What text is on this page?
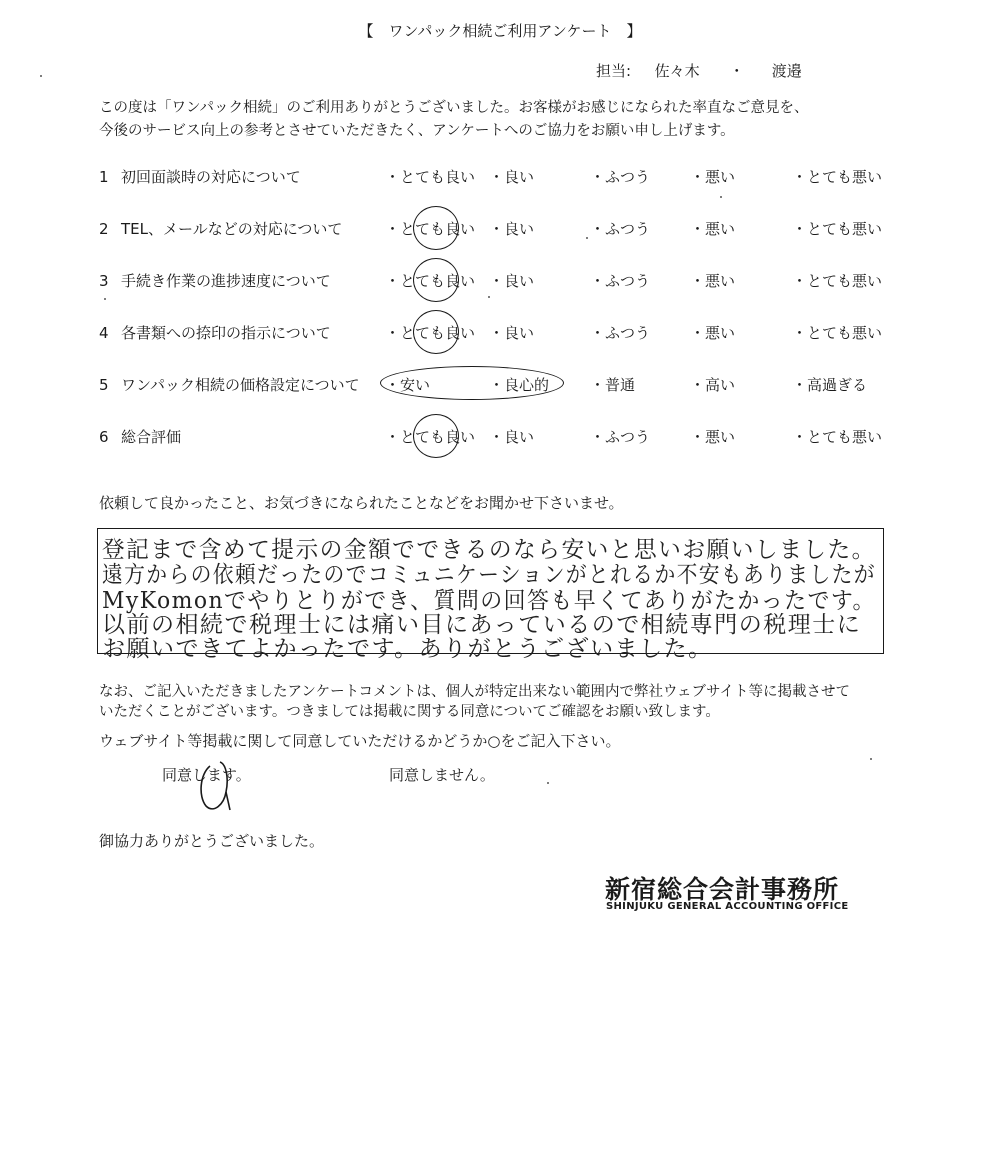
【　ワンパック相続ご利用アンケート　】
担当: 佐々木 ・ 渡邉
この度は「ワンパック相続」のご利用ありがとうございました。お客様がお感じになられた率直なご意見を、
今後のサービス向上の参考とさせていただきたく、アンケートへのご協力をお願い申し上げます。
1 初回面談時の対応について	・とても良い ・良い	・ふつう	・悪い	・とても悪い
2 TEL、メールなどの対応について	・とても良い ・良い	・ふつう	・悪い	・とても悪い
3 手続き作業の進捗速度について	・とても良い ・良い	・ふつう	・悪い	・とても悪い
4 各書類への捺印の指示について	・とても良い ・良い	・ふつう	・悪い	・とても悪い
5 ワンパック相続の価格設定について ・安い	・良心的	・普通	・高い	・高過ぎる
6 総合評価	・とても良い ・良い	・ふつう	・悪い	・とても悪い
依頼して良かったこと、お気づきになられたことなどをお聞かせ下さいませ。
登記まで含めて提示の金額でできるのなら安いと思いお願いしました。
遠方からの依頼だったのでコミュニケーションがとれるか不安もありましたが
MyKomonでやりとりができ、質問の回答も早くてありがたかったです。
以前の相続で税理士には痛い目にあっているので相続専門の税理士に
お願いできてよかったです。ありがとうございました。
なお、ご記入いただきましたアンケートコメントは、個人が特定出来ない範囲内で弊社ウェブサイト等に掲載させて
いただくことがございます。つきましては掲載に関する同意についてご確認をお願い致します。
ウェブサイト等掲載に関して同意していただけるかどうか○をご記入下さい。
同意します。	同意しません。
御協力ありがとうございました。
新宿総合会計事務所
SHINJUKU GENERAL ACCOUNTING OFFICE
